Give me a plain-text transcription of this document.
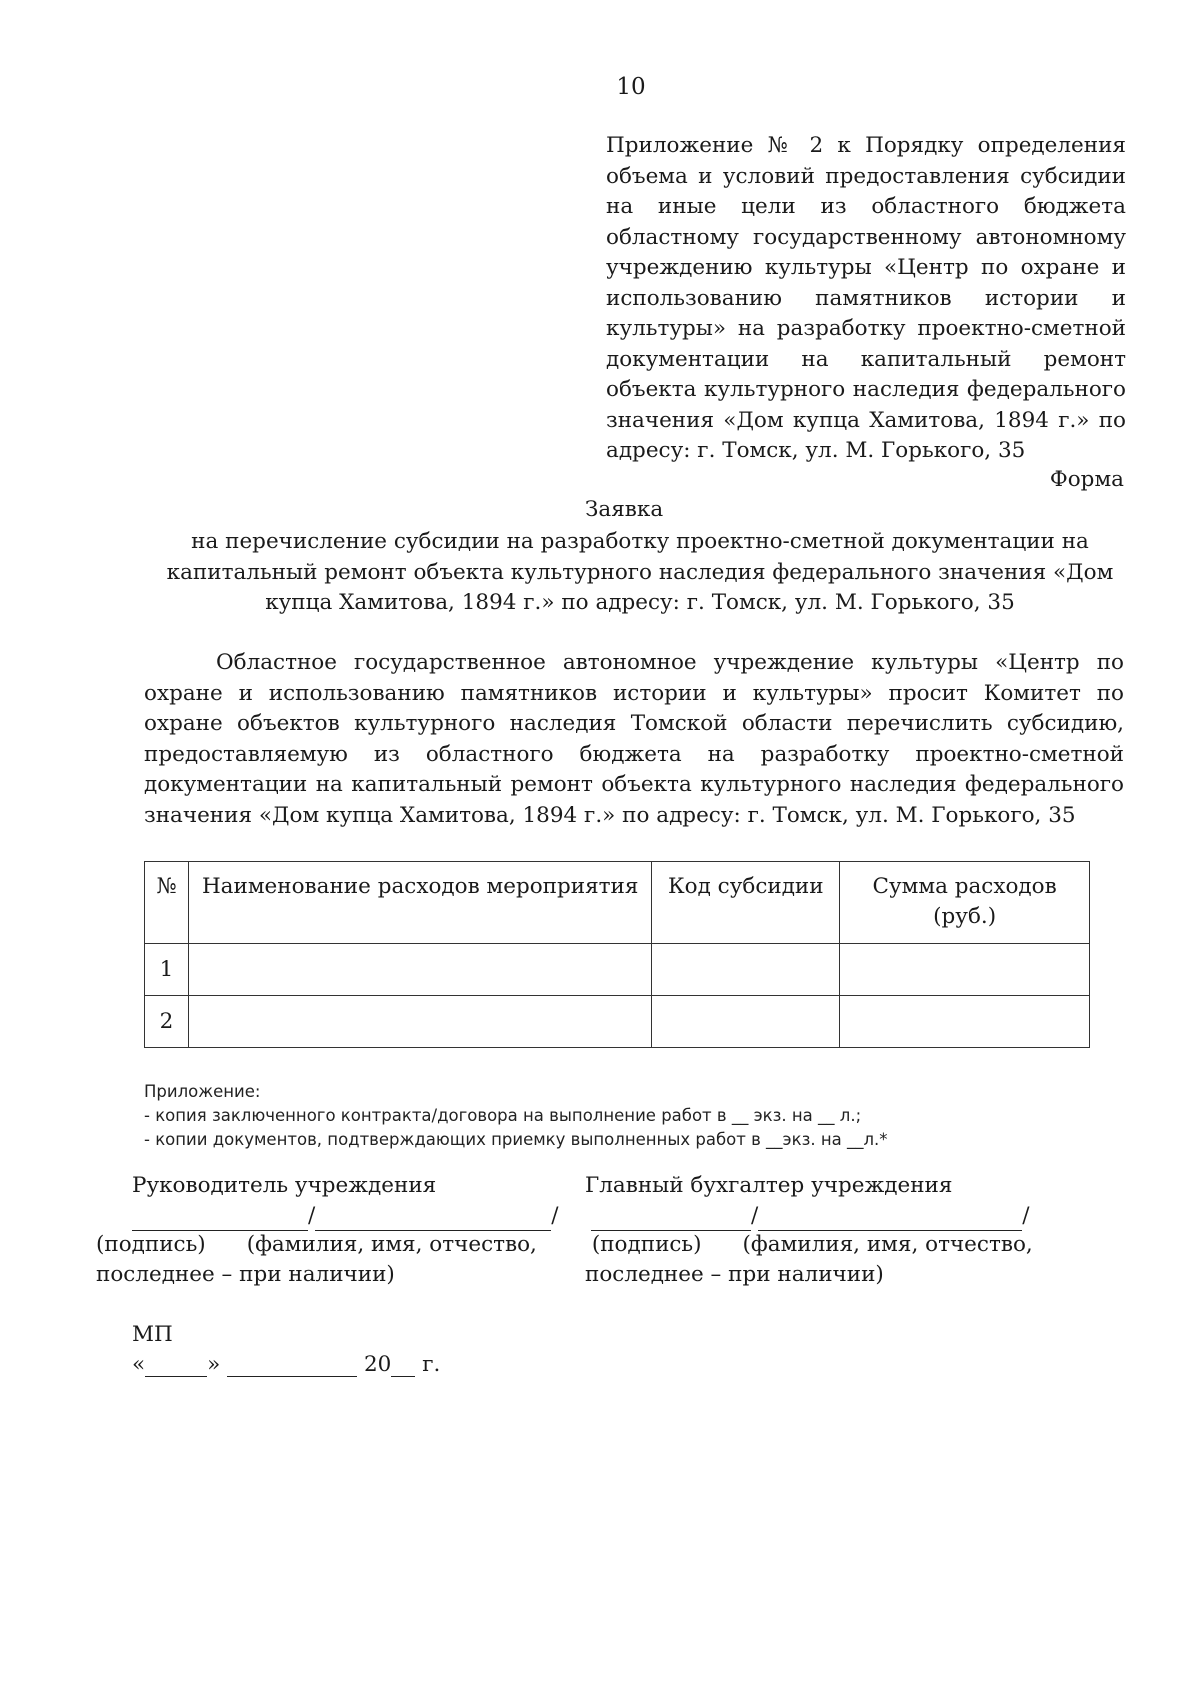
10
Приложение № 2 к Порядку определения объема и условий предоставления субсидии на иные цели из областного бюджета областному государственному автономному учреждению культуры «Центр по охране и использованию памятников истории и культуры» на разработку проектно-сметной документации на капитальный ремонт объекта культурного наследия федерального значения «Дом купца Хамитова, 1894 г.» по адресу: г. Томск, ул. М. Горького, 35
Форма
Заявка
на перечисление субсидии на разработку проектно-сметной документации на капитальный ремонт объекта культурного наследия федерального значения «Дом купца Хамитова, 1894 г.» по адресу: г. Томск, ул. М. Горького, 35
Областное государственное автономное учреждение культуры «Центр по охране и использованию памятников истории и культуры» просит Комитет по охране объектов культурного наследия Томской области перечислить субсидию, предоставляемую из областного бюджета на разработку проектно-сметной документации на капитальный ремонт объекта культурного наследия федерального значения «Дом купца Хамитова, 1894 г.» по адресу: г. Томск, ул. М. Горького, 35
№	Наименование расходов мероприятия	Код субсидии	Сумма расходов (руб.)
1			
2			
Приложение:
- копия заключенного контракта/договора на выполнение работ в __ экз. на __ л.;
- копии документов, подтверждающих приемку выполненных работ в __экз. на __л.*
Руководитель учреждения
/	/
(подпись)      (фамилия, имя, отчество,
последнее – при наличии)
Главный бухгалтер учреждения
/	/
(подпись)      (фамилия, имя, отчество,
последнее – при наличии)
МП
«	»	20 г.
